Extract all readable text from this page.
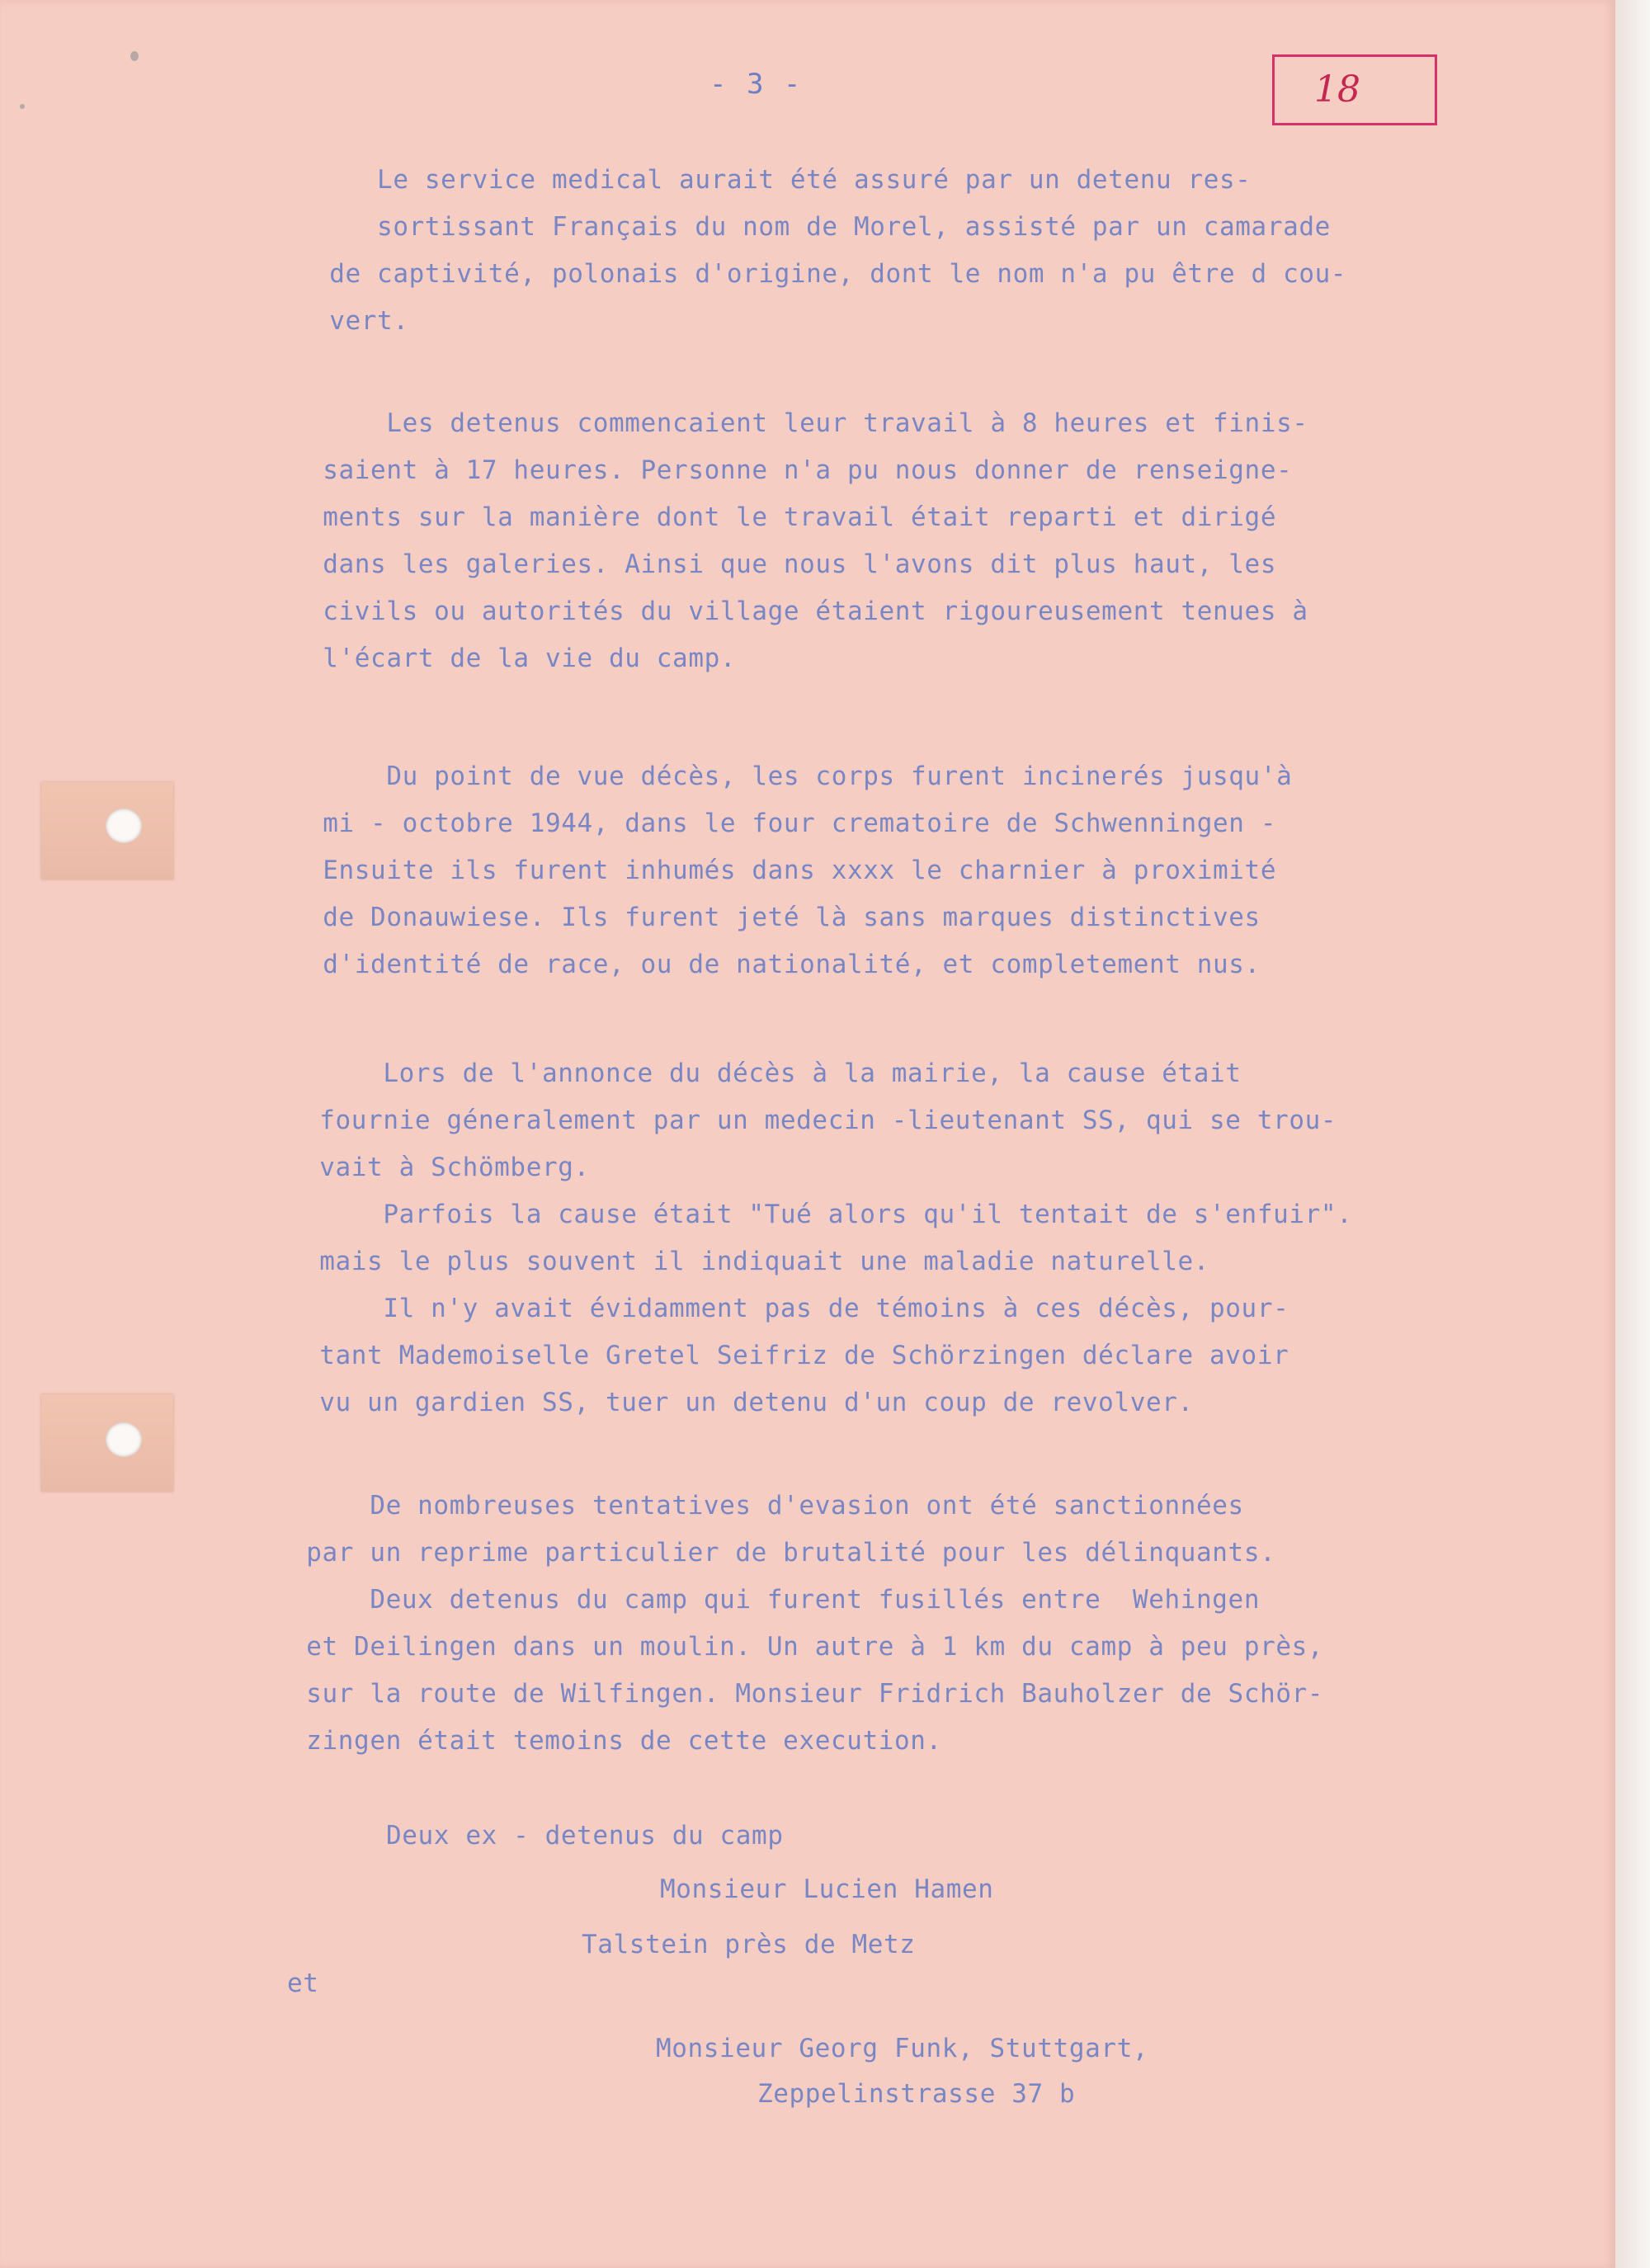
- 3 -	18
Le service medical aurait été assuré par un detenu res-
sortissant Français du nom de Morel, assisté par un camarade
de captivité, polonais d'origine, dont le nom n'a pu être d cou-
vert.
Les detenus commencaient leur travail à 8 heures et finis-
saient à 17 heures. Personne n'a pu nous donner de renseigne-
ments sur la manière dont le travail était reparti et dirigé
dans les galeries. Ainsi que nous l'avons dit plus haut, les
civils ou autorités du village étaient rigoureusement tenues à
l'écart de la vie du camp.
Du point de vue décès, les corps furent incinerés jusqu'à
mi - octobre 1944, dans le four crematoire de Schwenningen -
Ensuite ils furent inhumés dans xxxx le charnier à proximité
de Donauwiese. Ils furent jeté là sans marques distinctives
d'identité de race, ou de nationalité, et completement nus.
Lors de l'annonce du décès à la mairie, la cause était
fournie géneralement par un medecin -lieutenant SS, qui se trou-
vait à Schömberg.
Parfois la cause était "Tué alors qu'il tentait de s'enfuir".
mais le plus souvent il indiquait une maladie naturelle.
Il n'y avait évidamment pas de témoins à ces décès, pour-
tant Mademoiselle Gretel Seifriz de Schörzingen déclare avoir
vu un gardien SS, tuer un detenu d'un coup de revolver.
De nombreuses tentatives d'evasion ont été sanctionnées
par un reprime particulier de brutalité pour les délinquants.
Deux detenus du camp qui furent fusillés entre  Wehingen
et Deilingen dans un moulin. Un autre à 1 km du camp à peu près,
sur la route de Wilfingen. Monsieur Fridrich Bauholzer de Schör-
zingen était temoins de cette execution.

Deux ex - detenus du camp

Monsieur Lucien Hamen

Talstein près de Metz

et

Monsieur Georg Funk, Stuttgart,

Zeppelinstrasse 37 b
